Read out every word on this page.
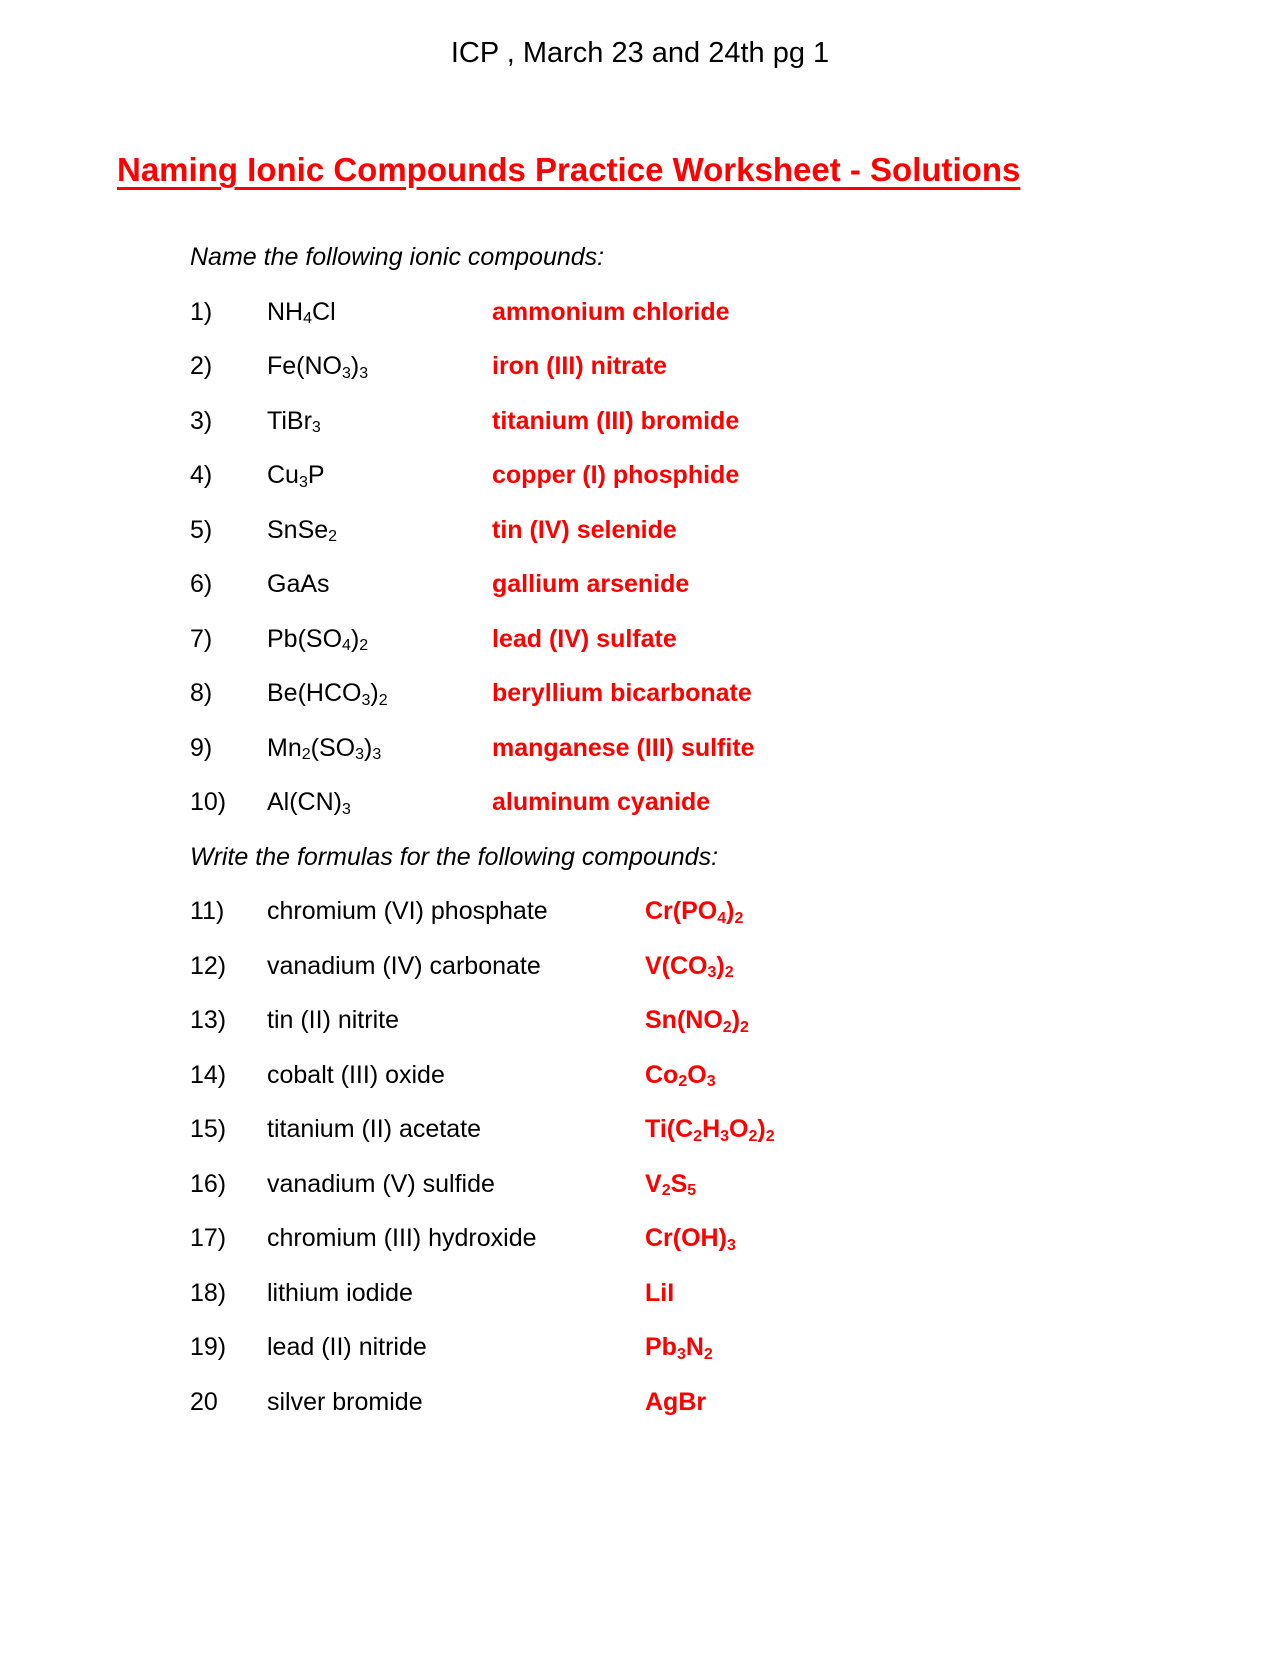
ICP , March 23 and 24th pg 1
Naming Ionic Compounds Practice Worksheet - Solutions
Name the following ionic compounds:
1)	$NH_4Cl$	ammonium chloride
2)	$Fe(NO_3)_3$	iron (III) nitrate
3)	TiBr$_3$	titanium (III) bromide
4)	$Cu_3P$	copper (I) phosphide
5)	SnSe$_2$	tin (IV) selenide
6)	GaAs	gallium arsenide
7)	$Pb(SO_4)_2$	lead (IV) sulfate
8)	$Be(HCO_3)_2$	beryllium bicarbonate
9)	$Mn_2(SO_3)_3$	manganese (III) sulfite
10)	$Al(CN)_3$	aluminum cyanide
Write the formulas for the following compounds:
11)	chromium (VI) phosphate	$Cr(PO_4)_2$
12)	vanadium (IV) carbonate	$V(CO_3)_2$
13)	tin (II) nitrite	$Sn(NO_2)_2$
14)	cobalt (III) oxide	$Co_2O_3$
15)	titanium (II) acetate	$Ti(C_2H_3O_2)_2$
16)	vanadium (V) sulfide	$V_2S_5$
17)	chromium (III) hydroxide	$Cr(OH)_3$
18)	lithium iodide	LiI
19)	lead (II) nitride	$Pb_3N_2$
20	silver bromide	AgBr
